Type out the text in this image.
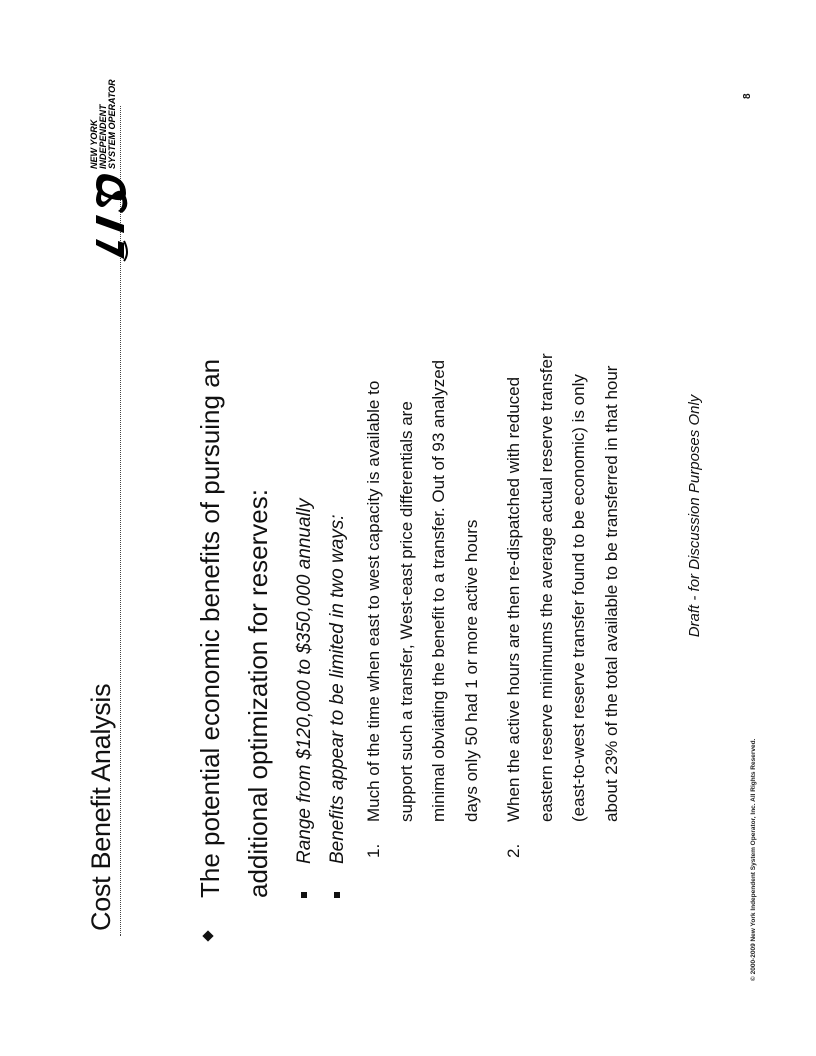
Cost Benefit Analysis
NEW YORK INDEPENDENT SYSTEM OPERATOR
The potential economic benefits of pursuing an additional optimization for reserves:	Range from $120,000 to $350,000 annually Benefits appear to be limited in two ways: 1.
Much of the time when east to west capacity is available to support such a transfer, West-east price differentials are minimal obviating the benefit to a transfer. Out of 93 analyzed days only 50 had 1 or more active hours
2.
When the active hours are then re-dispatched with reduced eastern reserve minimums the average actual reserve transfer (east-to-west reserve transfer found to be economic) is only about 23% of the total available to be transferred in that hour	Draft - for Discussion Purposes Only
© 2000-2009 New York Independent System Operator, Inc. All Rights Reserved.
8
